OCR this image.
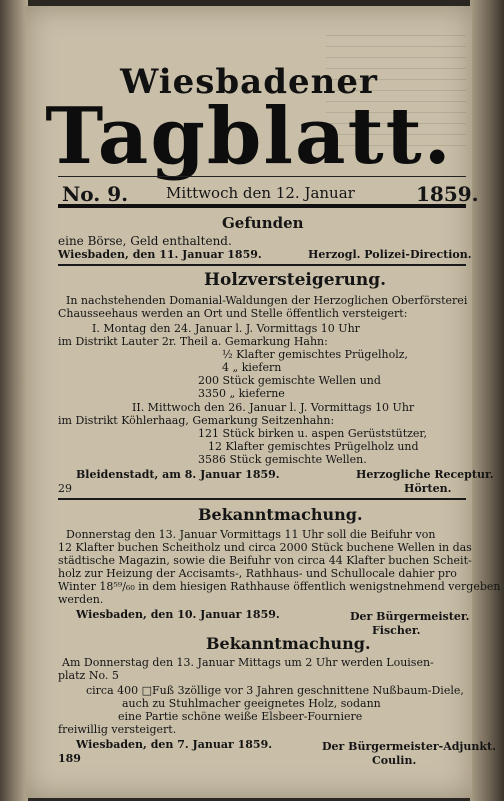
Wiesbadener
Tagblatt.
No. 9.	Mittwoch den 12. Januar	1859.
Gefunden
eine Börse, Geld enthaltend.
Wiesbaden, den 11. Januar 1859.	Herzogl. Polizei-Direction.
Holzversteigerung.
In nachstehenden Domanial-Waldungen der Herzoglichen Oberförsterei
Chausseehaus werden an Ort und Stelle öffentlich versteigert:
I. Montag den 24. Januar l. J. Vormittags 10 Uhr
im Distrikt Lauter 2r. Theil a. Gemarkung Hahn:
½ Klafter gemischtes Prügelholz,
4 „ kiefern
200 Stück gemischte Wellen und
3350 „ kiefernе
II. Mittwoch den 26. Januar l. J. Vormittags 10 Uhr
im Distrikt Köhlerhaag, Gemarkung Seitzenhahn:
121 Stück birken u. aspen Gerüststützer,
12 Klafter gemischtes Prügelholz und
3586 Stück gemischte Wellen.
Bleidenstadt, am 8. Januar 1859.	Herzogliche Receptur.
29	Hörten.
Bekanntmachung.
Donnerstag den 13. Januar Vormittags 11 Uhr soll die Beifuhr von
12 Klafter buchen Scheitholz und circa 2000 Stück buchene Wellen in das
städtische Magazin, sowie die Beifuhr von circa 44 Klafter buchen Scheit-
holz zur Heizung der Accisamts-, Rathhaus- und Schullocale dahier pro
Winter 18⁵⁹/₆₀ in dem hiesigen Rathhause öffentlich wenigstnehmend vergeben
werden.
Wiesbaden, den 10. Januar 1859.	Der Bürgermeister.
Fischer.
Bekanntmachung.
Am Donnerstag den 13. Januar Mittags um 2 Uhr werden Louisen-
platz No. 5
circa 400 □Fuß 3zöllige vor 3 Jahren geschnittene Nußbaum-Diele,
auch zu Stuhlmacher geeignetes Holz, sodann
eine Partie schöne weiße Elsbeer-Fourniere
freiwillig versteigert.
Wiesbaden, den 7. Januar 1859.	Der Bürgermeister-Adjunkt.
189	Coulin.
